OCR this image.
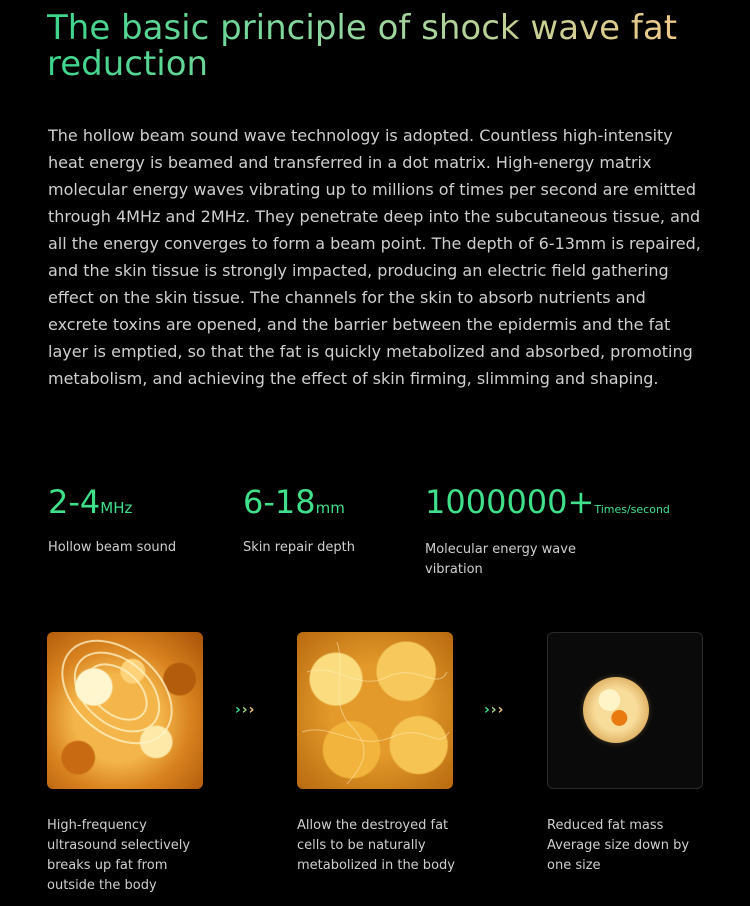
The basic principle of shock wave fat reduction

The hollow beam sound wave technology is adopted. Countless high-intensity heat energy is beamed and transferred in a dot matrix. High-energy matrix molecular energy waves vibrating up to millions of times per second are emitted through 4MHz and 2MHz. They penetrate deep into the subcutaneous tissue, and all the energy converges to form a beam point. The depth of 6-13mm is repaired, and the skin tissue is strongly impacted, producing an electric field gathering effect on the skin tissue. The channels for the skin to absorb nutrients and excrete toxins are opened, and the barrier between the epidermis and the fat layer is emptied, so that the fat is quickly metabolized and absorbed, promoting metabolism, and achieving the effect of skin firming, slimming and shaping.

2-4MHz
Hollow beam sound
6-18mm
Skin repair depth
1000000+Times/second
Molecular energy wave vibration
›››	›››
High-frequency ultrasound selectively breaks up fat from outside the body
Allow the destroyed fat cells to be naturally metabolized in the body
Reduced fat mass Average size down by one size
